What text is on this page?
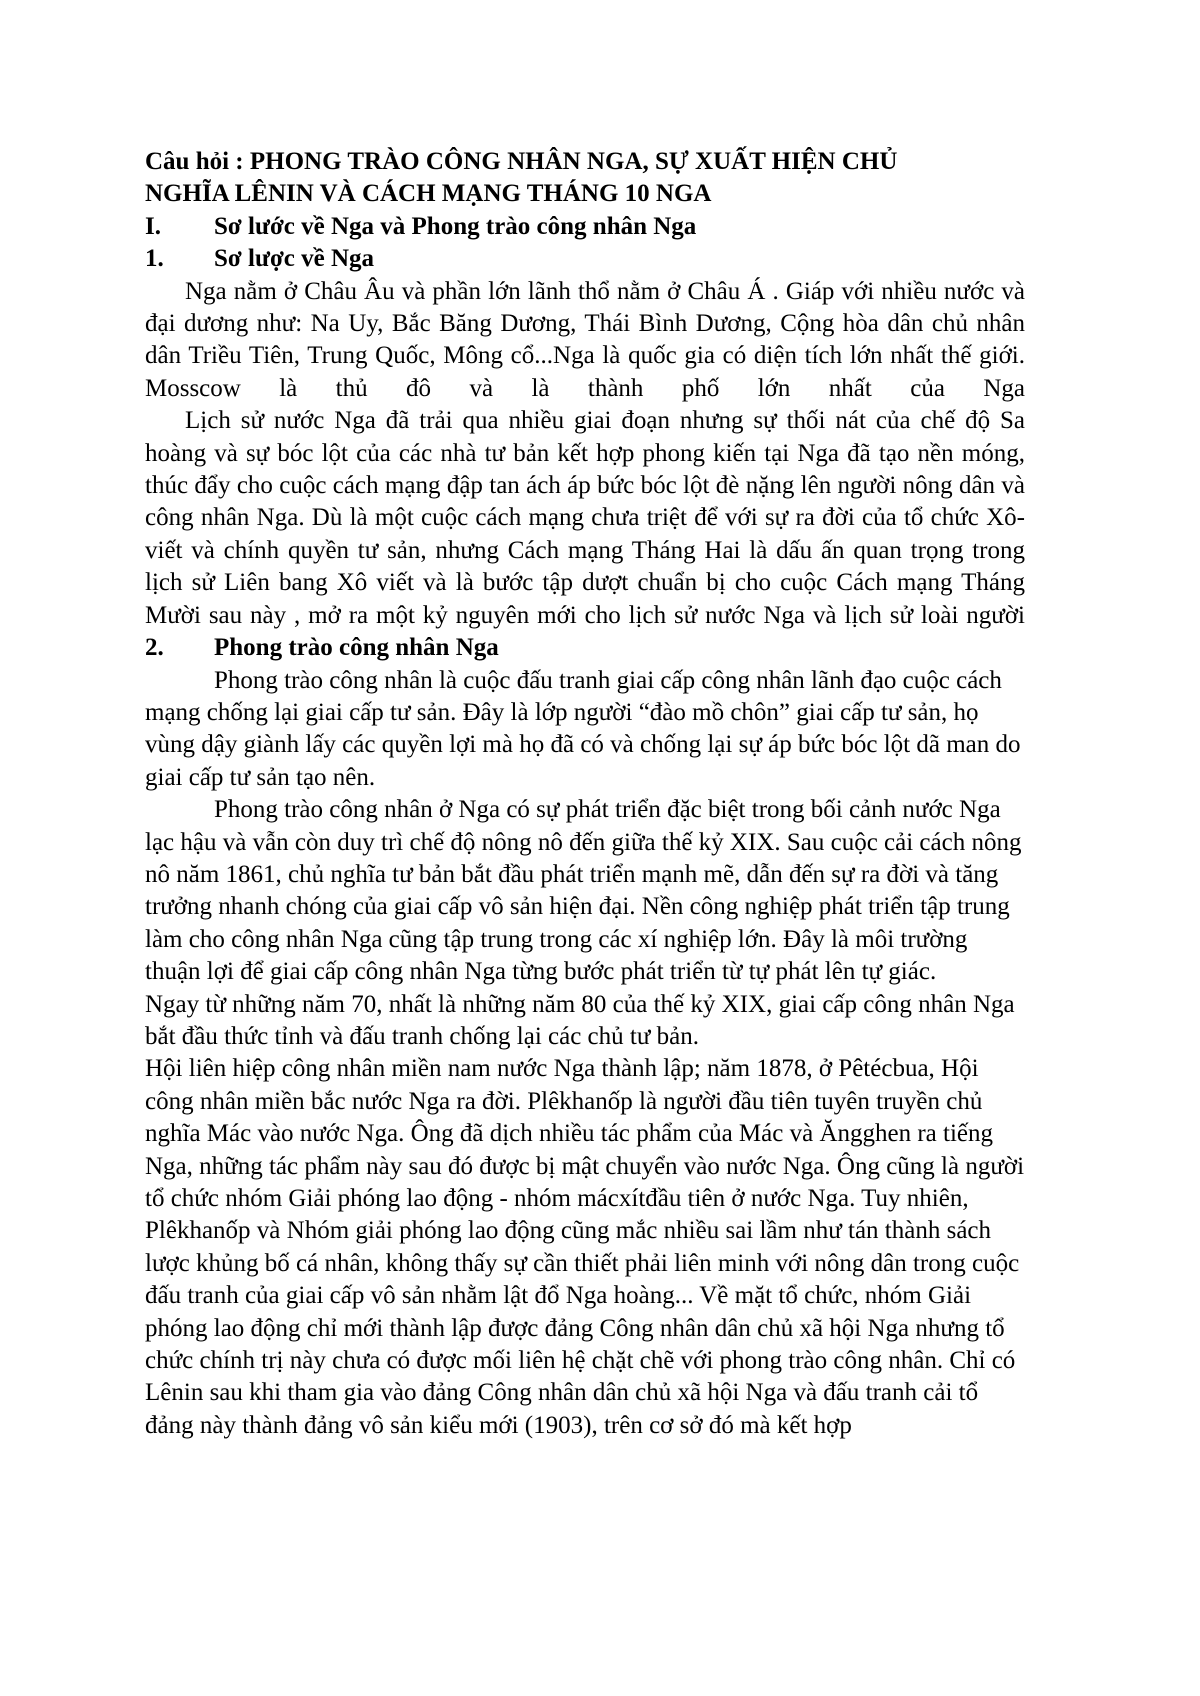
Câu hỏi : PHONG TRÀO CÔNG NHÂN NGA, SỰ XUẤT HIỆN CHỦ
NGHĨA LÊNIN VÀ CÁCH MẠNG THÁNG 10 NGA

I.	Sơ lước về Nga và Phong trào công nhân Nga
1.	Sơ lược về Nga

Nga nằm ở Châu Âu và phần lớn lãnh thổ nằm ở Châu Á . Giáp với nhiều nước và đại dương như: Na Uy, Bắc Băng Dương, Thái Bình Dương, Cộng hòa dân chủ nhân dân Triều Tiên, Trung Quốc, Mông cổ...Nga là quốc gia có diện tích lớn nhất thế giới. Mosscow là thủ đô và là thành phố lớn nhất của Nga

Lịch sử nước Nga đã trải qua nhiều giai đoạn nhưng sự thối nát của chế độ Sa hoàng và sự bóc lột của các nhà tư bản kết hợp phong kiến tại Nga đã tạo nền móng, thúc đẩy cho cuộc cách mạng đập tan ách áp bức bóc lột đè nặng lên người nông dân và công nhân Nga. Dù là một cuộc cách mạng chưa triệt để với sự ra đời của tổ chức Xô-viết và chính quyền tư sản, nhưng Cách mạng Tháng Hai là dấu ấn quan trọng trong lịch sử Liên bang Xô viết và là bước tập dượt chuẩn bị cho cuộc Cách mạng Tháng Mười sau này , mở ra một kỷ nguyên mới cho lịch sử nước Nga và lịch sử loài người

2.	Phong trào công nhân Nga

Phong trào công nhân là cuộc đấu tranh giai cấp công nhân lãnh đạo cuộc cách mạng chống lại giai cấp tư sản. Đây là lớp người “đào mồ chôn” giai cấp tư sản, họ vùng dậy giành lấy các quyền lợi mà họ đã có và chống lại sự áp bức bóc lột dã man do giai cấp tư sản tạo nên.

Phong trào công nhân ở Nga có sự phát triển đặc biệt trong bối cảnh nước Nga lạc hậu và vẫn còn duy trì chế độ nông nô đến giữa thế kỷ XIX. Sau cuộc cải cách nông nô năm 1861, chủ nghĩa tư bản bắt đầu phát triển mạnh mẽ, dẫn đến sự ra đời và tăng trưởng nhanh chóng của giai cấp vô sản hiện đại. Nền công nghiệp phát triển tập trung làm cho công nhân Nga cũng tập trung trong các xí nghiệp lớn. Đây là môi trường thuận lợi để giai cấp công nhân Nga từng bước phát triển từ tự phát lên tự giác.

Ngay từ những năm 70, nhất là những năm 80 của thế kỷ XIX, giai cấp công nhân Nga bắt đầu thức tỉnh và đấu tranh chống lại các chủ tư bản.

Hội liên hiệp công nhân miền nam nước Nga thành lập; năm 1878, ở Pêtécbua, Hội công nhân miền bắc nước Nga ra đời. Plêkhanốp là người đầu tiên tuyên truyền chủ nghĩa Mác vào nước Nga. Ông đã dịch nhiều tác phẩm của Mác và Ăngghen ra tiếng Nga, những tác phẩm này sau đó được bị mật chuyển vào nước Nga. Ông cũng là người tổ chức nhóm Giải phóng lao động - nhóm mácxítđầu tiên ở nước Nga. Tuy nhiên, Plêkhanốp và Nhóm giải phóng lao động cũng mắc nhiều sai lầm như tán thành sách lược khủng bố cá nhân, không thấy sự cần thiết phải liên minh với nông dân trong cuộc đấu tranh của giai cấp vô sản nhằm lật đổ Nga hoàng... Về mặt tổ chức, nhóm Giải phóng lao động chỉ mới thành lập được đảng Công nhân dân chủ xã hội Nga nhưng tổ chức chính trị này chưa có được mối liên hệ chặt chẽ với phong trào công nhân. Chỉ có Lênin sau khi tham gia vào đảng Công nhân dân chủ xã hội Nga và đấu tranh cải tổ đảng này thành đảng vô sản kiểu mới (1903), trên cơ sở đó mà kết hợp
